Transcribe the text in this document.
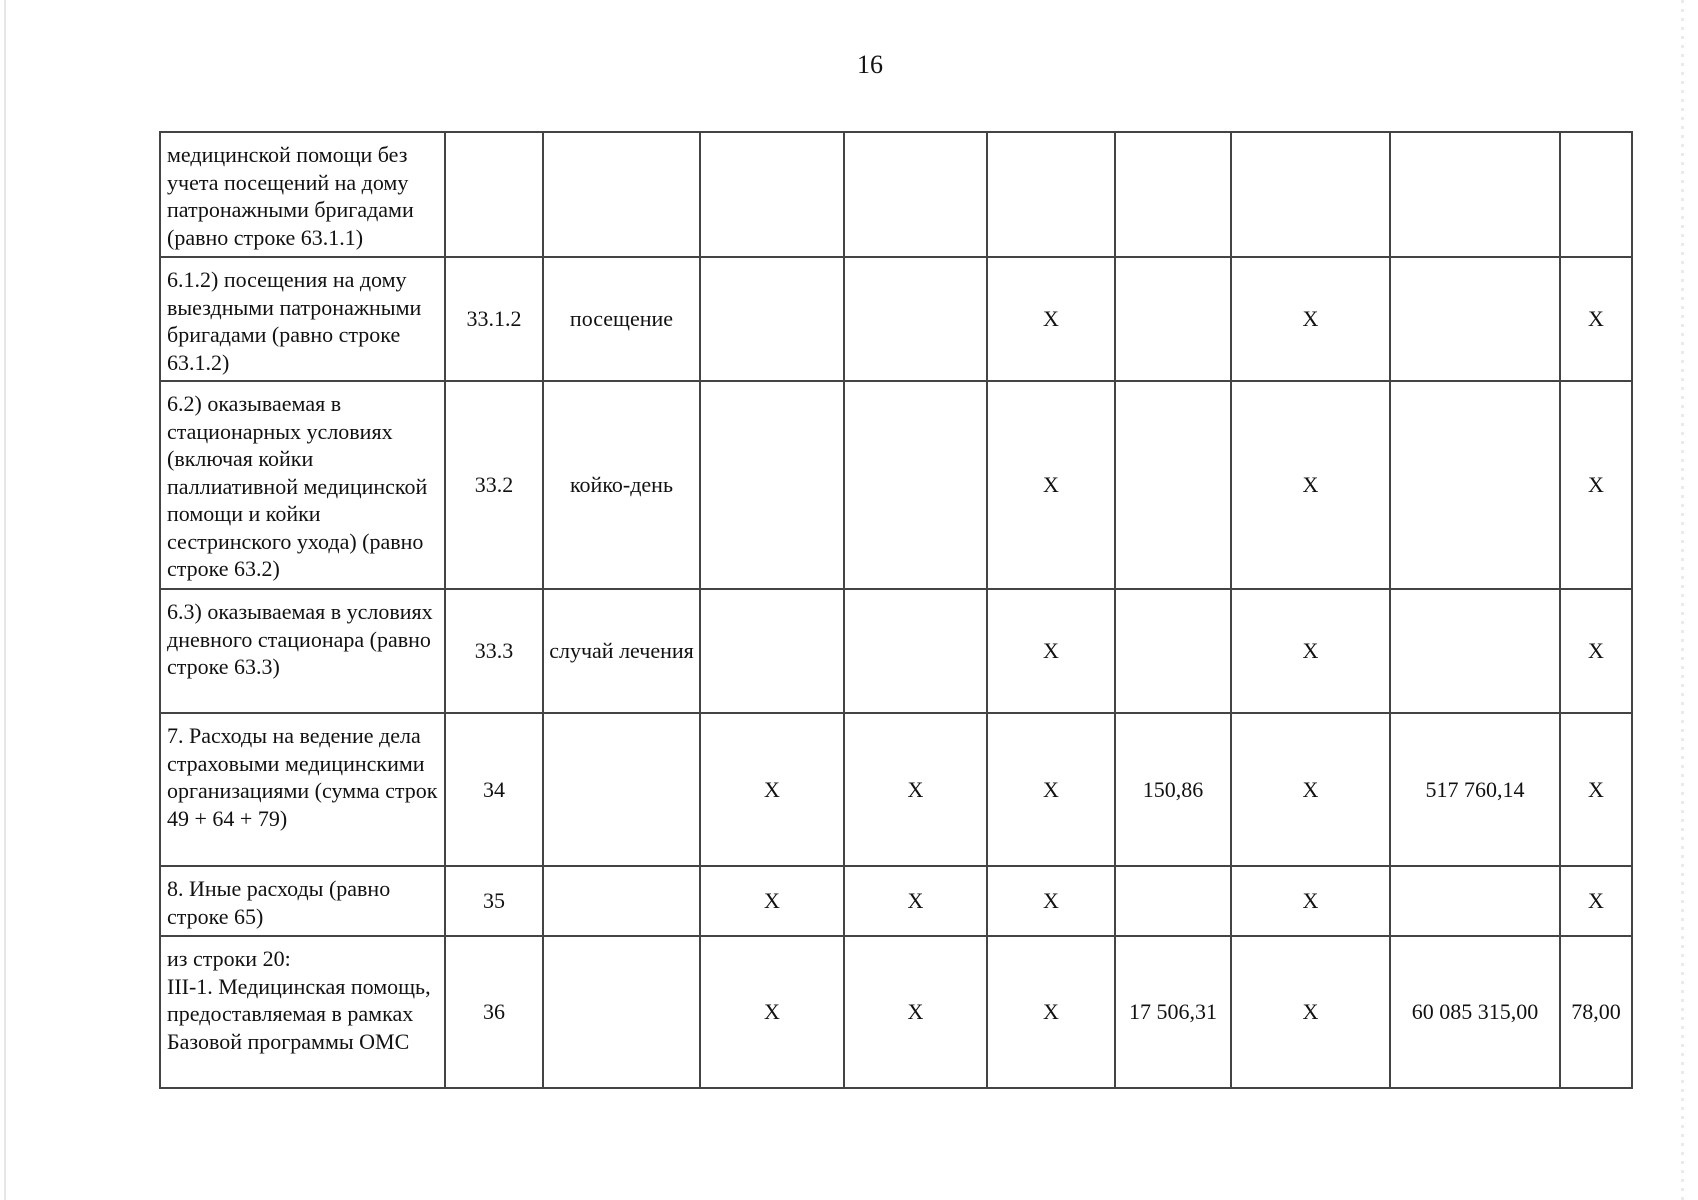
16
медицинской помощи без учета посещений на дому патронажными бригадами (равно строке 63.1.1)									
6.1.2) посещения на дому выездными патронажными бригадами (равно строке 63.1.2)	33.1.2	посещение			Х		Х		Х
6.2) оказываемая в стационарных условиях (включая койки паллиативной медицинской помощи и койки сестринского ухода) (равно строке 63.2)	33.2	койко-день			Х		Х		Х
6.3) оказываемая в условиях дневного стационара (равно строке 63.3)	33.3	случай лечения			Х		Х		Х
7. Расходы на ведение дела страховыми медицинскими организациями (сумма строк 49 + 64 + 79)	34		Х	Х	Х	150,86	Х	517 760,14	Х
8. Иные расходы (равно строке 65)	35		Х	Х	Х		Х		Х
из строки 20:
III-1. Медицинская помощь, предоставляемая в рамках Базовой программы ОМС	36		Х	Х	Х	17 506,31	Х	60 085 315,00	78,00
